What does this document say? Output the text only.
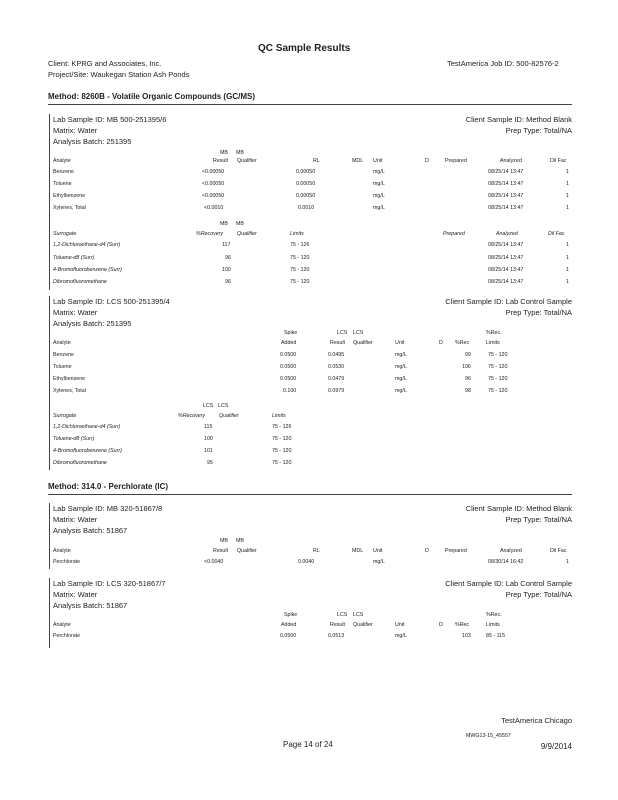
QC Sample Results
Client: KPRG and Associates, Inc.
Project/Site: Waukegan Station Ash Ponds
TestAmerica Job ID: 500-82576-2
Method: 8260B - Volatile Organic Compounds (GC/MS)
Lab Sample ID: MB 500-251395/6
Matrix: Water
Analysis Batch: 251395
Client Sample ID: Method Blank
Prep Type: Total/NA
MB MB
Analyte	Result Qualifier	RL	MDL Unit	D	Prepared	Analyzed	Dil Fac
Benzene	<0.00050	0.00050	mg/L	08/25/14 13:47	1
Toluene	<0.00050	0.00050	mg/L	08/25/14 13:47	1
Ethylbenzene	<0.00050	0.00050	mg/L	08/25/14 13:47	1
Xylenes, Total	<0.0010	0.0010	mg/L	08/25/14 13:47	1
MB MB
Surrogate	%Recovery	Qualifier	Limits	Prepared	Analyzed	Dil Fac
1,2-Dichloroethane-d4 (Surr)	117	75 - 126	08/25/14 13:47	1
Toluene-d8 (Surr)	96	75 - 120	08/25/14 13:47	1
4-Bromofluorobenzene (Surr)	100	75 - 120	08/25/14 13:47	1
Dibromofluoromethane	96	75 - 120	08/25/14 13:47	1
Lab Sample ID: LCS 500-251395/4
Matrix: Water
Analysis Batch: 251395
Client Sample ID: Lab Control Sample
Prep Type: Total/NA
Spike	LCS LCS	%Rec.
Analyte	Added	Result Qualifier	Unit	D %Rec	Limits
Benzene	0.0500	0.0495	mg/L	99	75 - 120
Toluene	0.0500	0.0530	mg/L	106	75 - 120
Ethylbenzene	0.0500	0.0479	mg/L	96	75 - 120
Xylenes, Total	0.100	0.0979	mg/L	98	75 - 120
LCS LCS
Surrogate	%Recovery	Qualifier	Limits
1,2-Dichloroethane-d4 (Surr)	115	75 - 126
Toluene-d8 (Surr)	100	75 - 120
4-Bromofluorobenzene (Surr)	101	75 - 120
Dibromofluoromethane	95	75 - 120
Method: 314.0 - Perchlorate (IC)
Lab Sample ID: MB 320-51867/8
Matrix: Water
Analysis Batch: 51867
Client Sample ID: Method Blank
Prep Type: Total/NA
MB MB
Analyte	Result Qualifier	RL	MDL Unit	D	Prepared	Analyzed	Dil Fac
Perchlorate	<0.0040	0.0040	mg/L	08/30/14 16:42	1
Lab Sample ID: LCS 320-51867/7
Matrix: Water
Analysis Batch: 51867
Client Sample ID: Lab Control Sample
Prep Type: Total/NA
Spike	LCS LCS	%Rec.
Analyte	Added	Result Qualifier	Unit	D %Rec	Limits
Perchlorate	0.0500	0.0513	mg/L	103	85 - 115
TestAmerica Chicago
MWG13-15_45557
Page 14 of 24	9/9/2014
